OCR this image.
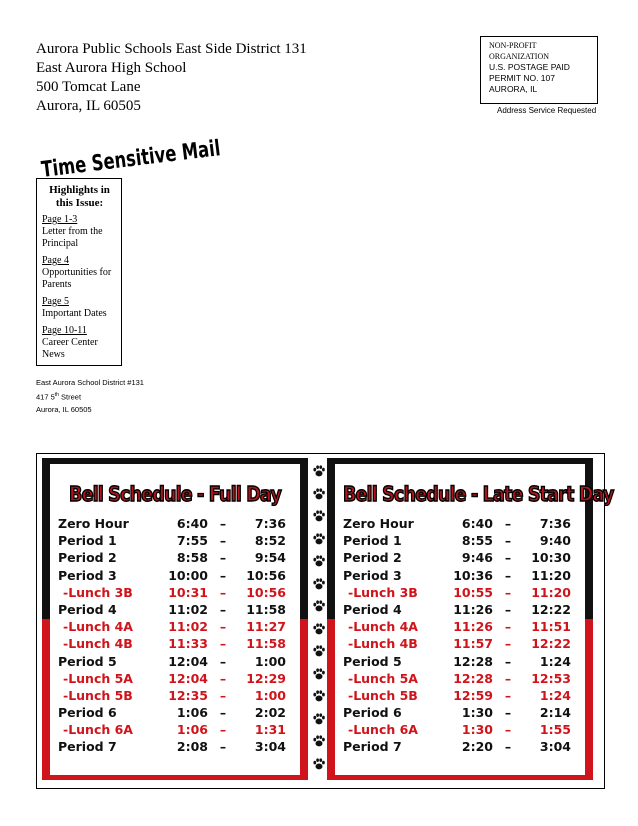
Aurora Public Schools East Side District 131
East Aurora High School
500 Tomcat Lane
Aurora, IL 60505
NON-PROFIT
ORGANIZATION
U.S. POSTAGE PAID
PERMIT NO. 107
AURORA, IL
Address Service Requested
Time Sensitive Mail
Highlights in this Issue:
Page 1-3
Letter from the Principal
Page 4
Opportunities for Parents
Page 5
Important Dates
Page 10-11
Career Center News
East Aurora School District #131
417 5th Street
Aurora, IL 60505
Bell Schedule - Full Day
Zero Hour	6:40 –	7:36
Period 1	7:55 –	8:52
Period 2	8:58 –	9:54
Period 3	10:00 –	10:56
-Lunch 3B	10:31 –	10:56
Period 4	11:02 –	11:58
-Lunch 4A	11:02 –	11:27
-Lunch 4B	11:33 –	11:58
Period 5	12:04 –	1:00
-Lunch 5A	12:04 –	12:29
-Lunch 5B	12:35 –	1:00
Period 6	1:06 –	2:02
-Lunch 6A	1:06 –	1:31
Period 7	2:08 –	3:04
Bell Schedule - Late Start Day
Zero Hour	6:40 –	7:36
Period 1	8:55 –	9:40
Period 2	9:46 –	10:30
Period 3	10:36 –	11:20
-Lunch 3B	10:55 –	11:20
Period 4	11:26 –	12:22
-Lunch 4A	11:26 –	11:51
-Lunch 4B	11:57 –	12:22
Period 5	12:28 –	1:24
-Lunch 5A	12:28 –	12:53
-Lunch 5B	12:59 –	1:24
Period 6	1:30 –	2:14
-Lunch 6A	1:30 –	1:55
Period 7	2:20 –	3:04
